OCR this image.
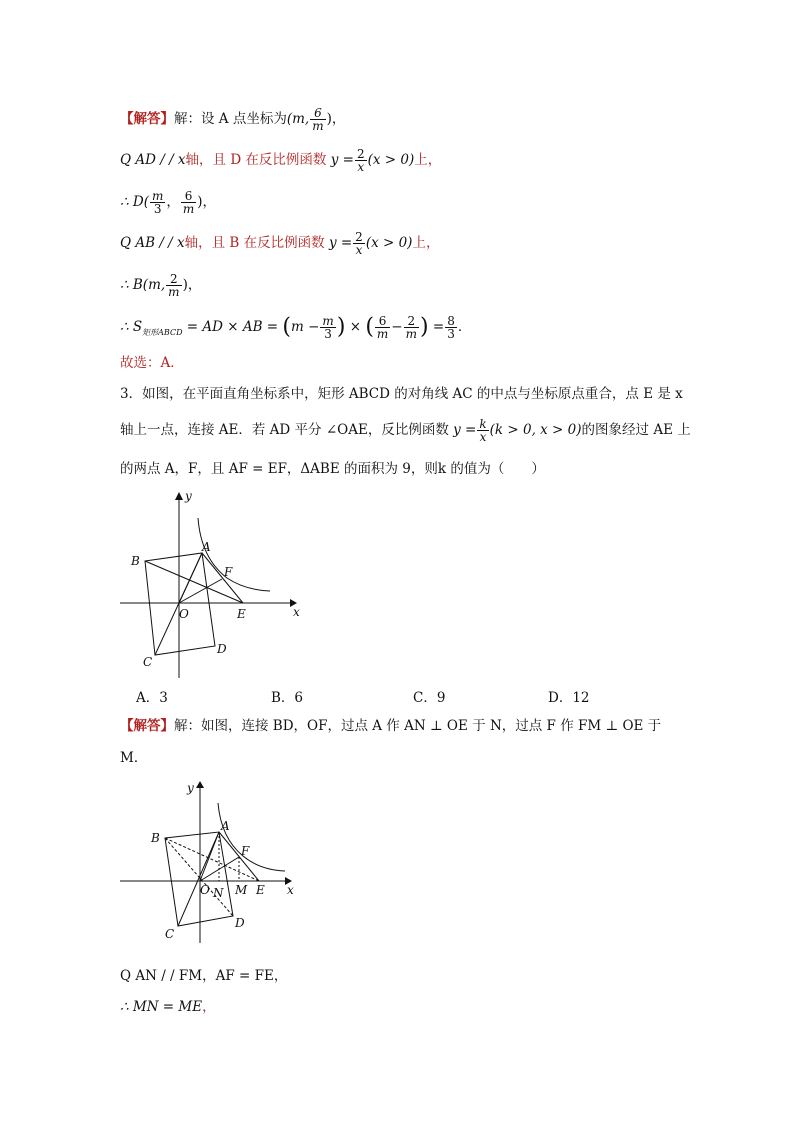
【解答】解：设 A 点坐标为(m, $\frac{6}{m}$ )，
Q AD / / x轴，且 D 在反比例函数 $y = \frac{2}{x} (x > 0)$上，
∴ $D( \frac{m}{3}$ ， $\frac{6}{m}$ )，
Q AB / / x轴，且 B 在反比例函数 $y = \frac{2}{x} (x > 0)$上，
∴ B(m, $\frac{2}{m}$ )，
∴ $S_{矩形ABCD}$ = AD × AB = ($m - \frac{m}{3}$ ) × ( $\frac{6}{m} - \frac{2}{m}$ ) = $\frac{8}{3}$ ．
故选：A．
3．如图，在平面直角坐标系中，矩形 ABCD 的对角线 AC 的中点与坐标原点重合，点 E 是 x
轴上一点，连接 AE．若 AD 平分 ∠OAE，反比例函数 $y = \frac{k}{x} (k > 0$, x > 0)的图象经过 AE 上
的两点 A，F，且 AF = EF，ΔABE 的面积为 9，则k 的值为（　　）
y
x
A
B
C
D
E
F
O
A．3	B．6	C．9	D．12
【解答】解：如图，连接 BD，OF，过点 A 作 AN ⊥ OE 于 N，过点 F 作 FM ⊥ OE 于
M．
y
x
A
B
C
D
E
F
O N M
Q AN / / FM，AF = FE，
∴ MN = ME，
